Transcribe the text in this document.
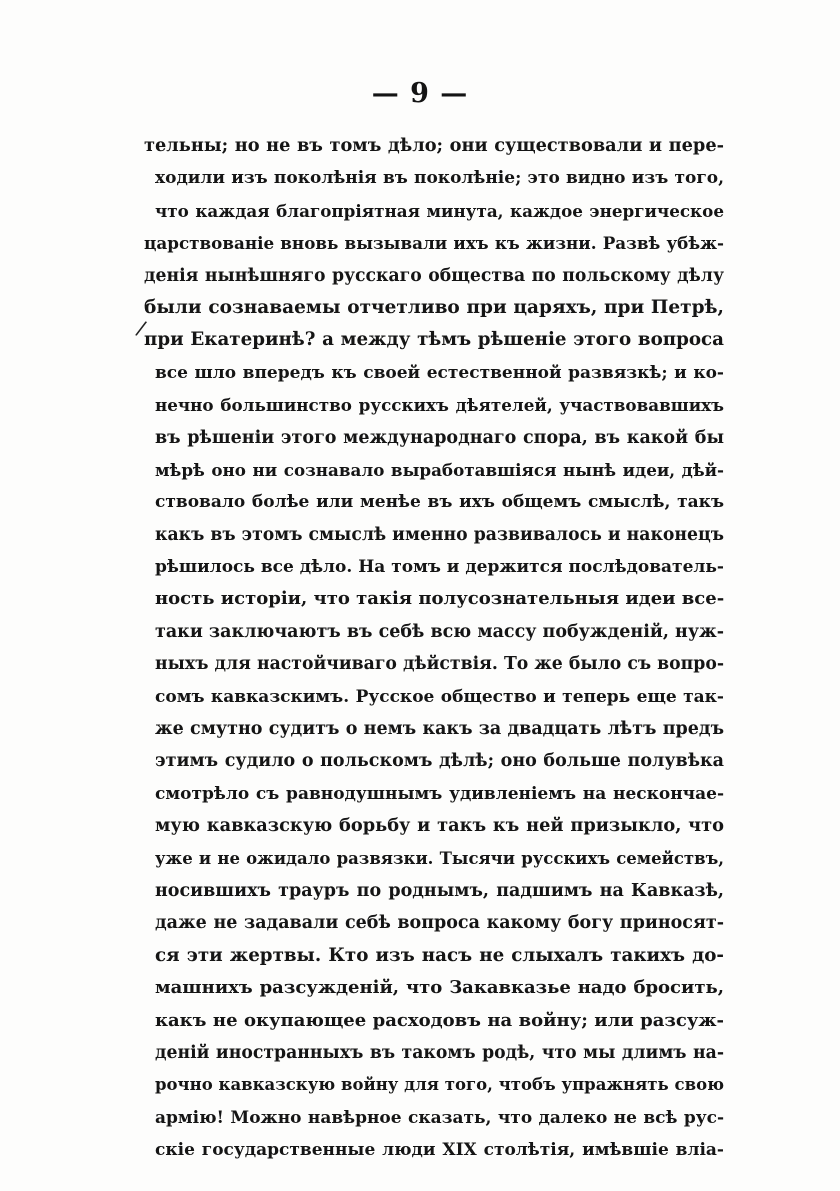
— 9 —
/
тельны; но не въ томъ дѣло; они существовали и пере-
ходили изъ поколѣнія въ поколѣніе; это видно изъ того,
что каждая благопріятная минута, каждое энергическое
царствованіе вновь вызывали ихъ къ жизни. Развѣ убѣж-
денія нынѣшняго русскаго общества по польскому дѣлу
были сознаваемы отчетливо при царяхъ, при Петрѣ,
при Екатеринѣ? а между тѣмъ рѣшеніе этого вопроса
все шло впередъ къ своей естественной развязкѣ; и ко-
нечно большинство русскихъ дѣятелей, участвовавшихъ
въ рѣшеніи этого международнаго спора, въ какой бы
мѣрѣ оно ни сознавало выработавшіяся нынѣ идеи, дѣй-
ствовало болѣе или менѣе въ ихъ общемъ смыслѣ, такъ
какъ въ этомъ смыслѣ именно развивалось и наконецъ
рѣшилось все дѣло. На томъ и держится послѣдователь-
ность исторіи, что такія полусознательныя идеи все-
таки заключаютъ въ себѣ всю массу побужденій, нуж-
ныхъ для настойчиваго дѣйствія. То же было съ вопро-
сомъ кавказскимъ. Русское общество и теперь еще так-
же смутно судитъ о немъ какъ за двадцать лѣтъ предъ
этимъ судило о польскомъ дѣлѣ; оно больше полувѣка
смотрѣло съ равнодушнымъ удивленіемъ на нескончае-
мую кавказскую борьбу и такъ къ ней призыкло, что
уже и не ожидало развязки. Тысячи русскихъ семействъ,
носившихъ трауръ по роднымъ, падшимъ на Кавказѣ,
даже не задавали себѣ вопроса какому богу приносят-
ся эти жертвы. Кто изъ насъ не слыхалъ такихъ до-
машнихъ разсужденій, что Закавказье надо бросить,
какъ не окупающее расходовъ на войну; или разсуж-
деній иностранныхъ въ такомъ родѣ, что мы длимъ на-
рочно кавказскую войну для того, чтобъ упражнять свою
армію! Можно навѣрное сказать, что далеко не всѣ рус-
скіе государственные люди XIX столѣтія, имѣвшіе вліа-
